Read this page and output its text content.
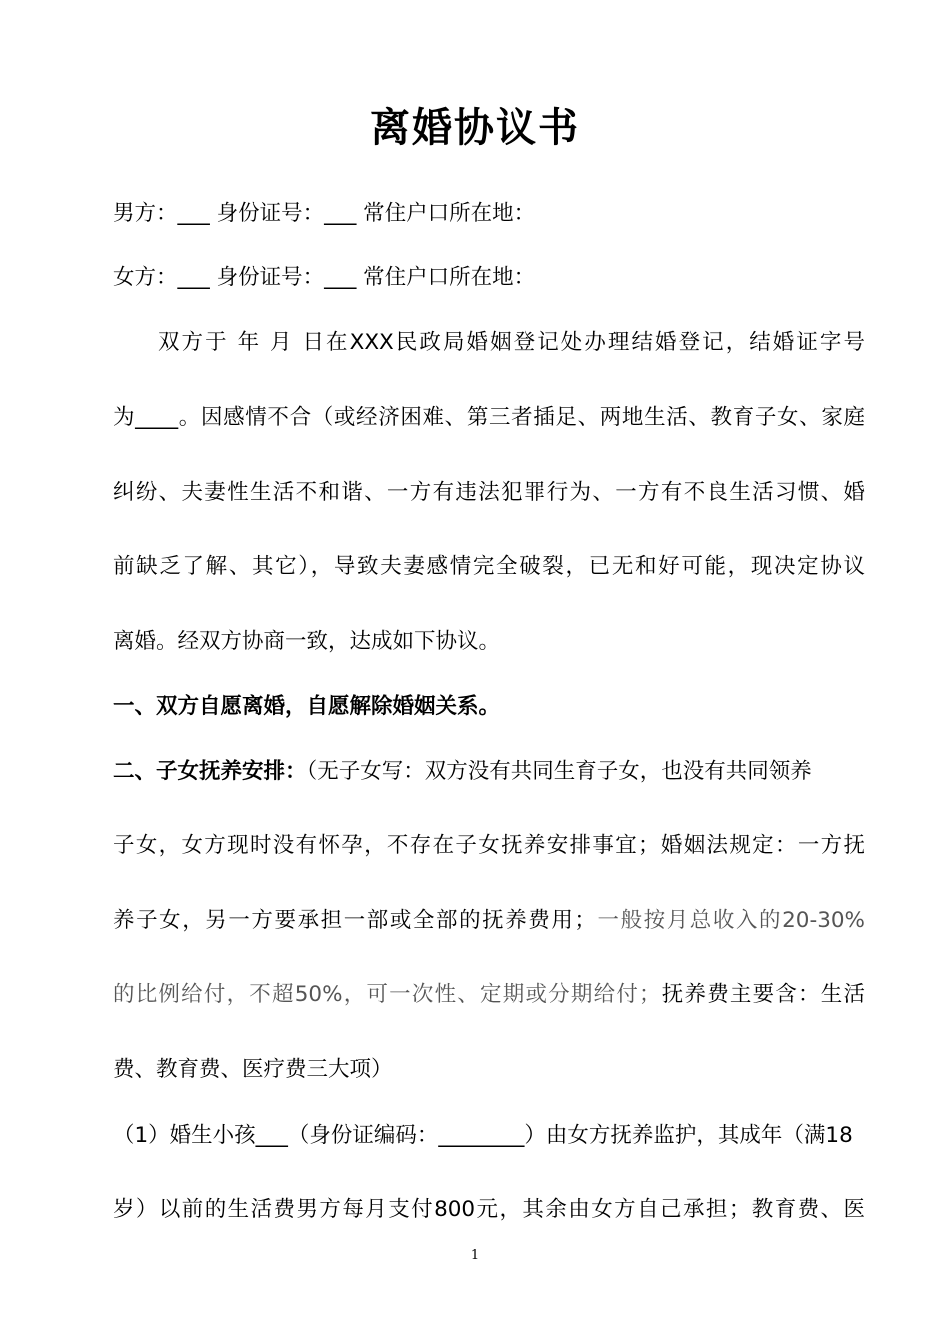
离婚协议书
男方：___ 身份证号：___ 常住户口所在地：
女方：___ 身份证号：___ 常住户口所在地：
双方于 年 月 日在XXX民政局婚姻登记处办理结婚登记，结婚证字号
为____。因感情不合（或经济困难、第三者插足、两地生活、教育子女、家庭
纠纷、夫妻性生活不和谐、一方有违法犯罪行为、一方有不良生活习惯、婚
前缺乏了解、其它），导致夫妻感情完全破裂，已无和好可能，现决定协议
离婚。经双方协商一致，达成如下协议。
一、双方自愿离婚，自愿解除婚姻关系。
二、子女抚养安排：（无子女写：双方没有共同生育子女，也没有共同领养
子女，女方现时没有怀孕，不存在子女抚养安排事宜；婚姻法规定：一方抚
养子女，另一方要承担一部或全部的抚养费用；一般按月总收入的20-30%
的比例给付，不超50%，可一次性、定期或分期给付；抚养费主要含：生活
费、教育费、医疗费三大项）
（1）婚生小孩___（身份证编码：________）由女方抚养监护，其成年（满18
岁）以前的生活费男方每月支付800元，其余由女方自己承担；教育费、医
1
